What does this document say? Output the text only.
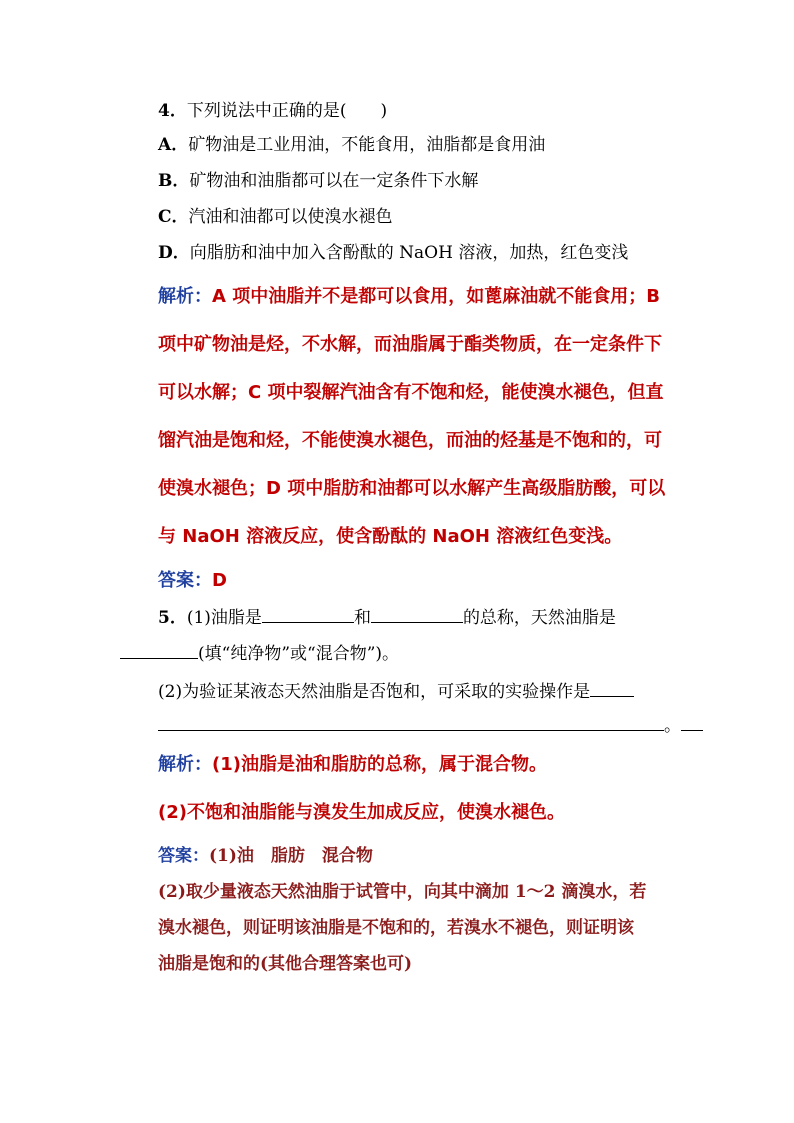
4．下列说法中正确的是(　　)
A．矿物油是工业用油，不能食用，油脂都是食用油
B．矿物油和油脂都可以在一定条件下水解
C．汽油和油都可以使溴水褪色
D．向脂肪和油中加入含酚酞的 NaOH 溶液，加热，红色变浅
解析：A 项中油脂并不是都可以食用，如蓖麻油就不能食用；B
项中矿物油是烃，不水解，而油脂属于酯类物质，在一定条件下
可以水解；C 项中裂解汽油含有不饱和烃，能使溴水褪色，但直
馏汽油是饱和烃，不能使溴水褪色，而油的烃基是不饱和的，可
使溴水褪色；D 项中脂肪和油都可以水解产生高级脂肪酸，可以
与 NaOH 溶液反应，使含酚酞的 NaOH 溶液红色变浅。
答案：D
5．(1)油脂是	和	的总称，天然油脂是
(填“纯净物”或“混合物”)。
(2)为验证某液态天然油脂是否饱和，可采取的实验操作是
。
解析：(1)油脂是油和脂肪的总称，属于混合物。
(2)不饱和油脂能与溴发生加成反应，使溴水褪色。
答案：(1)油　脂肪　混合物
(2)取少量液态天然油脂于试管中，向其中滴加 1～2 滴溴水，若
溴水褪色，则证明该油脂是不饱和的，若溴水不褪色，则证明该
油脂是饱和的(其他合理答案也可)
